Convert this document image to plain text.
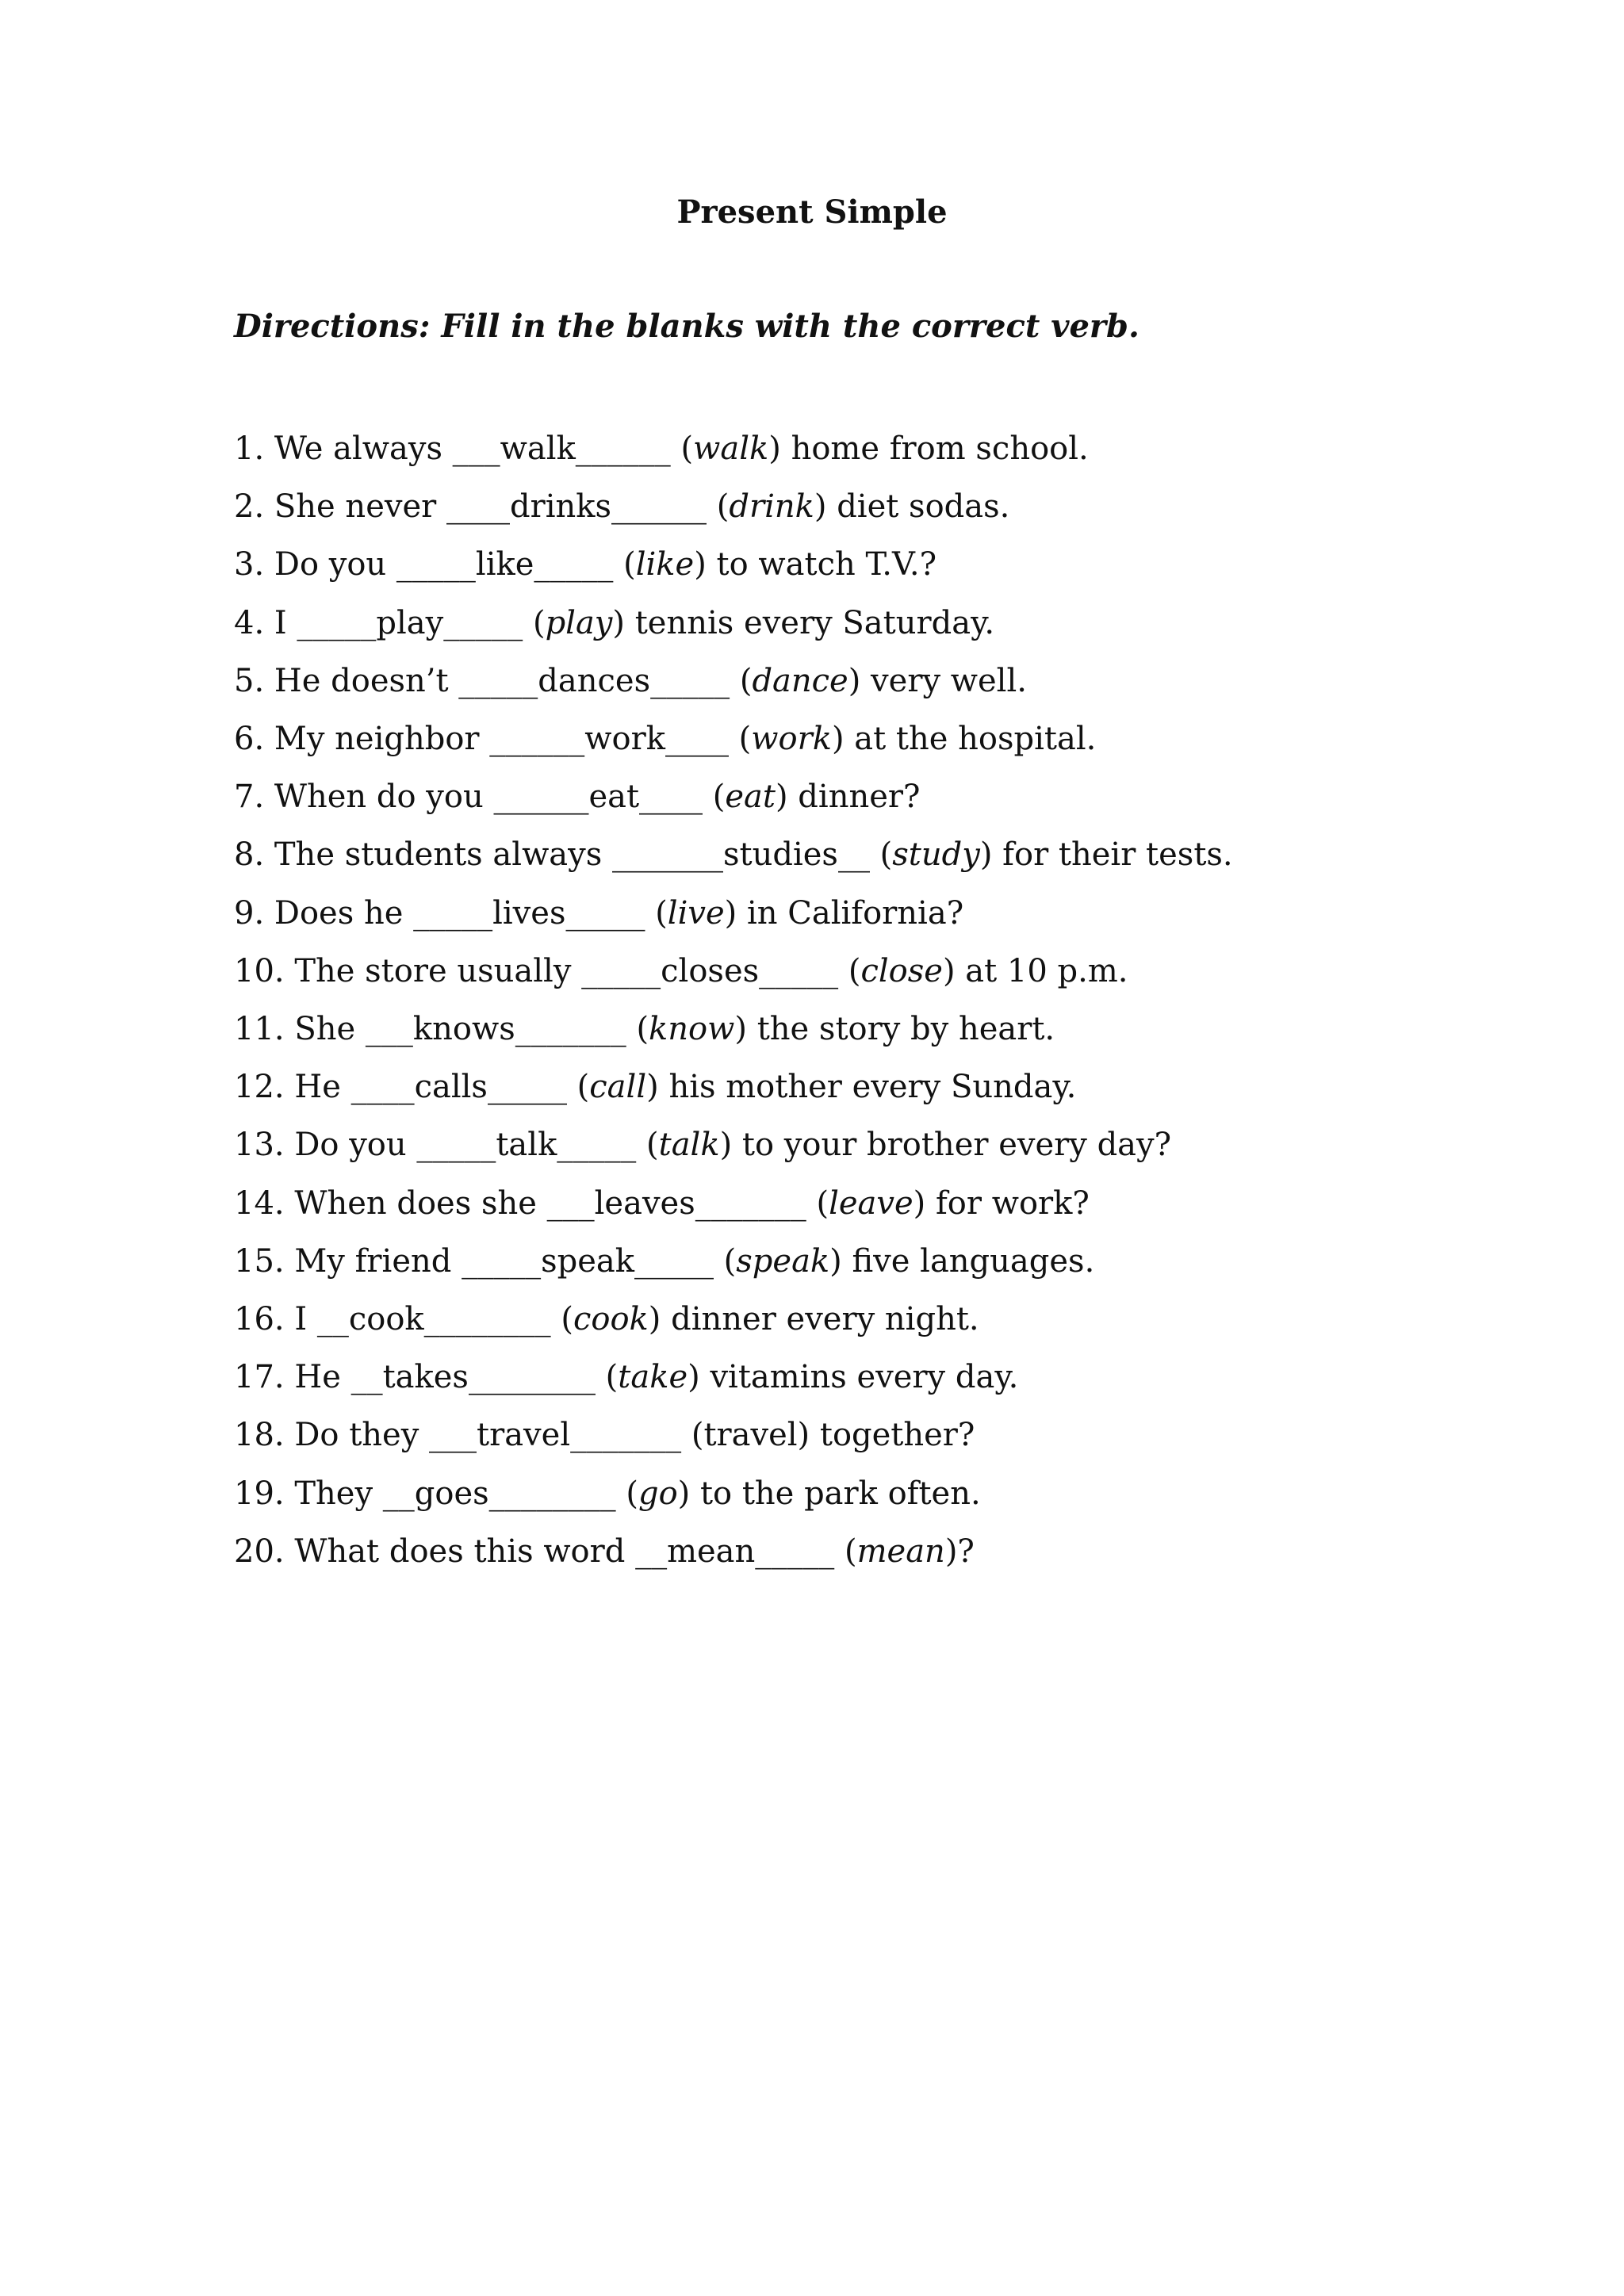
Present Simple

Directions: Fill in the blanks with the correct verb.

1. We always ___walk______ (walk) home from school.
2. She never ____drinks______ (drink) diet sodas.
3. Do you _____like_____ (like) to watch T.V.?
4. I _____play_____ (play) tennis every Saturday.
5. He doesn’t _____dances_____ (dance) very well.
6. My neighbor ______work____ (work) at the hospital.
7. When do you ______eat____ (eat) dinner?
8. The students always _______studies__ (study) for their tests.
9. Does he _____lives_____ (live) in California?
10. The store usually _____closes_____ (close) at 10 p.m.
11. She ___knows_______ (know) the story by heart.
12. He ____calls_____ (call) his mother every Sunday.
13. Do you _____talk_____ (talk) to your brother every day?
14. When does she ___leaves_______ (leave) for work?
15. My friend _____speak_____ (speak) five languages.
16. I __cook________ (cook) dinner every night.
17. He __takes________ (take) vitamins every day.
18. Do they ___travel_______ (travel) together?
19. They __goes________ (go) to the park often.
20. What does this word __mean_____ (mean)?
